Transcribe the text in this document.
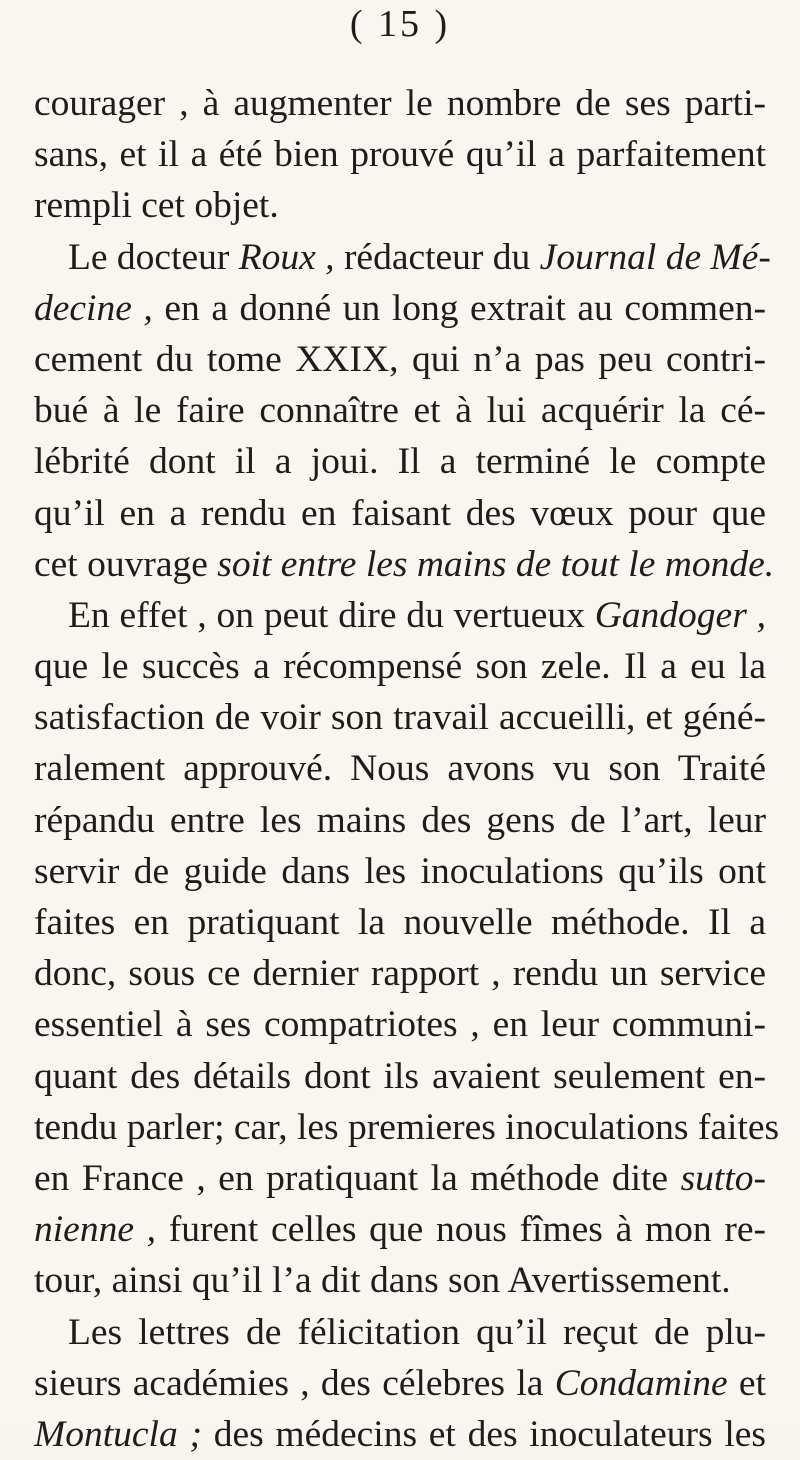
( 15 )
courager , à augmenter le nombre de ses parti-
sans, et il a été bien prouvé qu’il a parfaitement
rempli cet objet.
Le docteur Roux , rédacteur du Journal de Mé-
decine , en a donné un long extrait au commen-
cement du tome XXIX, qui n’a pas peu contri-
bué à le faire connaître et à lui acquérir la cé-
lébrité dont il a joui. Il a terminé le compte
qu’il en a rendu en faisant des vœux pour que
cet ouvrage soit entre les mains de tout le monde.
En effet , on peut dire du vertueux Gandoger ,
que le succès a récompensé son zele. Il a eu la
satisfaction de voir son travail accueilli, et géné-
ralement approuvé. Nous avons vu son Traité
répandu entre les mains des gens de l’art, leur
servir de guide dans les inoculations qu’ils ont
faites en pratiquant la nouvelle méthode. Il a
donc, sous ce dernier rapport , rendu un service
essentiel à ses compatriotes , en leur communi-
quant des détails dont ils avaient seulement en-
tendu parler; car, les premieres inoculations faites
en France , en pratiquant la méthode dite sutto-
nienne , furent celles que nous fîmes à mon re-
tour, ainsi qu’il l’a dit dans son Avertissement.
Les lettres de félicitation qu’il reçut de plu-
sieurs académies , des célebres la Condamine et
Montucla ; des médecins et des inoculateurs les
